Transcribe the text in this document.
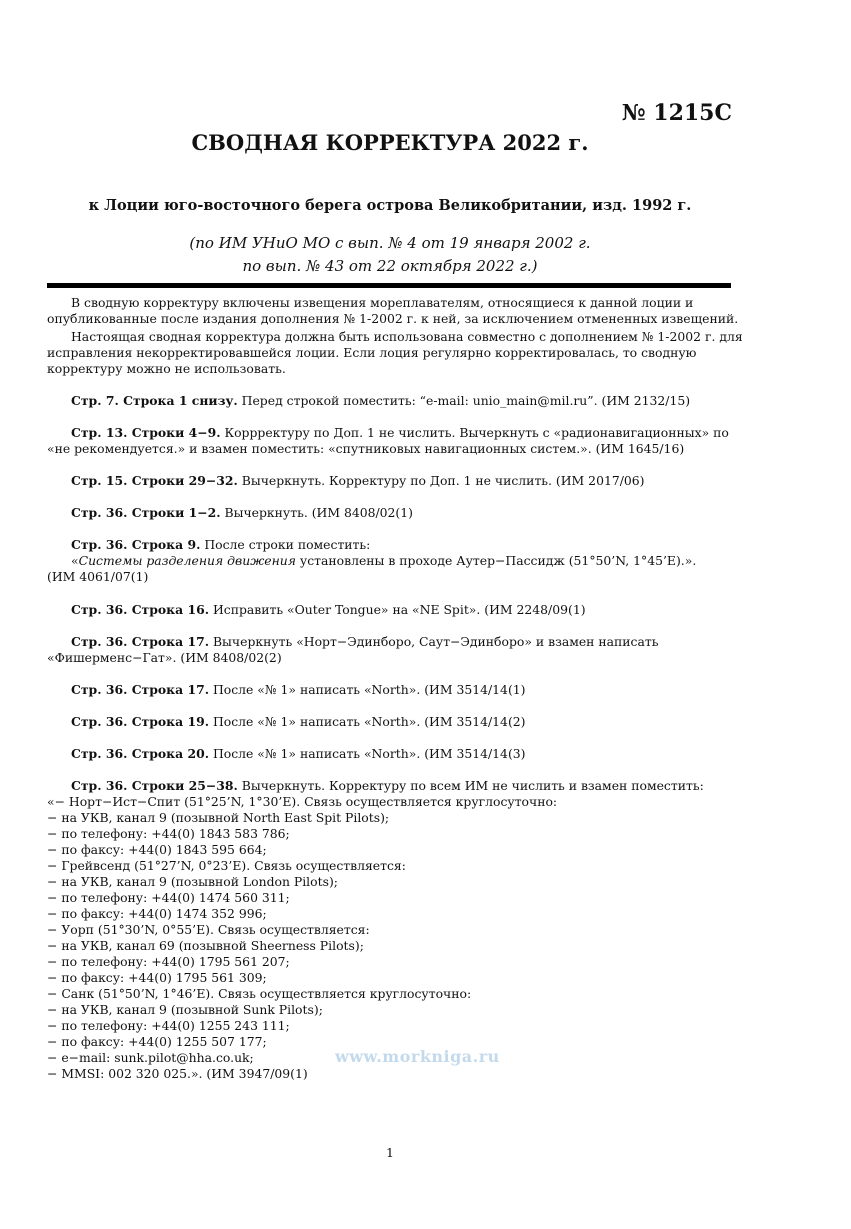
№ 1215С
СВОДНАЯ КОРРЕКТУРА 2022 г.
к Лоции юго-восточного берега острова Великобритании, изд. 1992 г.
(по ИМ УНиО МО с вып. № 4 от 19 января 2002 г.
по вып. № 43 от 22 октября 2022 г.)
В сводную корректуру включены извещения мореплавателям, относящиеся к данной лоции и
опубликованные после издания дополнения № 1-2002 г. к ней, за исключением отмененных извещений.
Настоящая сводная корректура должна быть использована совместно с дополнением № 1-2002 г. для
исправления некорректировавшейся лоции. Если лоция регулярно корректировалась, то сводную
корректуру можно не использовать.
Стр. 7. Строка 1 снизу. Перед строкой поместить: “e-mail: unio_main@mil.ru”. (ИМ 2132/15)
Стр. 13. Строки 4−9. Коррректуру по Доп. 1 не числить. Вычеркнуть с «радионавигационных» по
«не рекомендуется.» и взамен поместить: «спутниковых навигационных систем.». (ИМ 1645/16)
Стр. 15. Строки 29−32. Вычеркнуть. Корректуру по Доп. 1 не числить. (ИМ 2017/06)
Стр. 36. Строки 1−2. Вычеркнуть. (ИМ 8408/02(1)
Стр. 36. Строка 9. После строки поместить:
«Системы разделения движения установлены в проходе Аутер−Пассидж (51°50’N, 1°45’E).».
(ИМ 4061/07(1)
Стр. 36. Строка 16. Исправить «Outer Tongue» на «NE Spit». (ИМ 2248/09(1)
Стр. 36. Строка 17. Вычеркнуть «Норт−Эдинборо, Саут−Эдинборо» и взамен написать
«Фишерменс−Гат». (ИМ 8408/02(2)
Стр. 36. Строка 17. После «№ 1» написать «North». (ИМ 3514/14(1)
Стр. 36. Строка 19. После «№ 1» написать «North». (ИМ 3514/14(2)
Стр. 36. Строка 20. После «№ 1» написать «North». (ИМ 3514/14(3)
Стр. 36. Строки 25−38. Вычеркнуть. Корректуру по всем ИМ не числить и взамен поместить:
«− Норт−Ист−Спит (51°25’N, 1°30’E). Связь осуществляется круглосуточно:
− на УКВ, канал 9 (позывной North East Spit Pilots);
− по телефону: +44(0) 1843 583 786;
− по факсу: +44(0) 1843 595 664;
− Грейвсенд (51°27’N, 0°23’E). Связь осуществляется:
− на УКВ, канал 9 (позывной London Pilots);
− по телефону: +44(0) 1474 560 311;
− по факсу: +44(0) 1474 352 996;
− Уорп (51°30’N, 0°55’E). Связь осуществляется:
− на УКВ, канал 69 (позывной Sheerness Pilots);
− по телефону: +44(0) 1795 561 207;
− по факсу: +44(0) 1795 561 309;
− Санк (51°50’N, 1°46’E). Связь осуществляется круглосуточно:
− на УКВ, канал 9 (позывной Sunk Pilots);
− по телефону: +44(0) 1255 243 111;
− по факсу: +44(0) 1255 507 177;
− e−mail: sunk.pilot@hha.co.uk;
− MMSI: 002 320 025.». (ИМ 3947/09(1)
www.morkniga.ru
1
